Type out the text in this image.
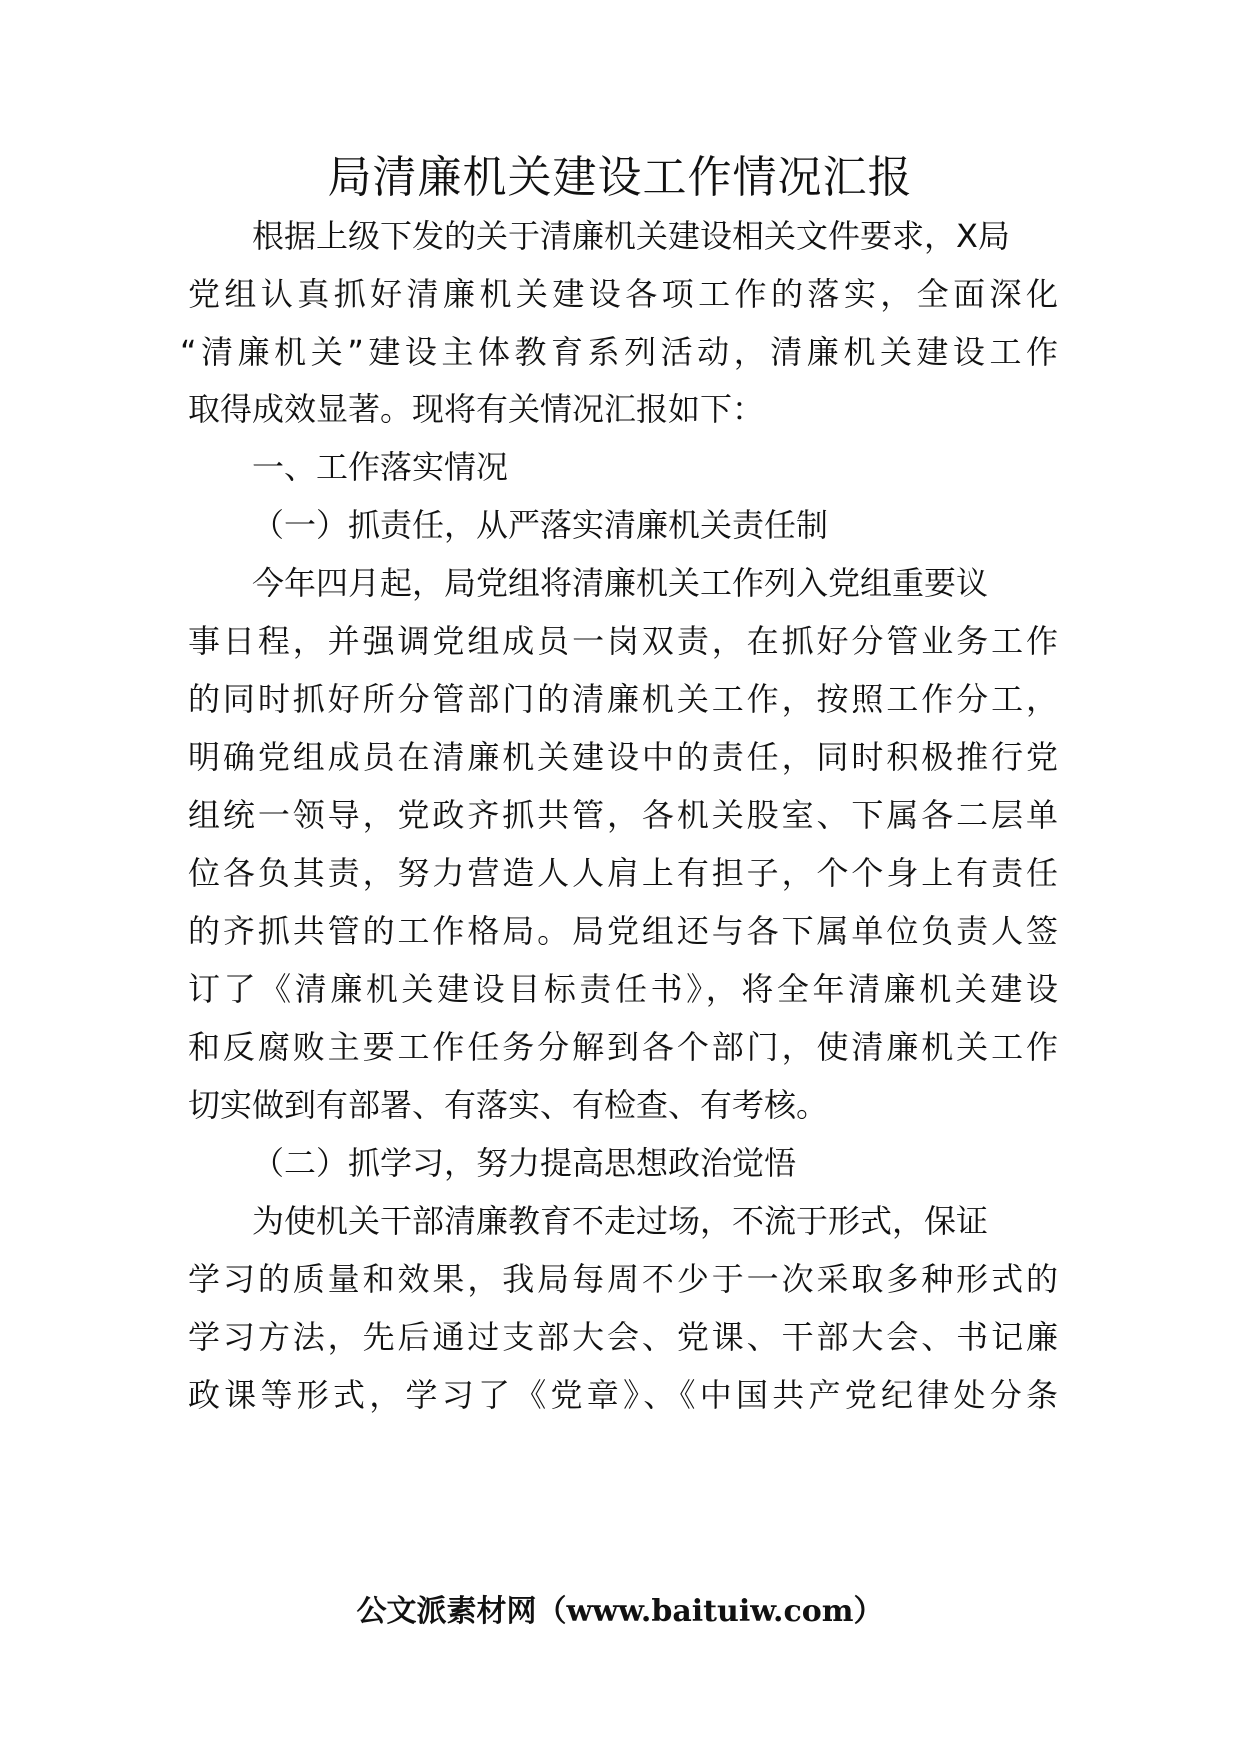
局清廉机关建设工作情况汇报
根据上级下发的关于清廉机关建设相关文件要求，X局
党组认真抓好清廉机关建设各项工作的落实，全面深化
“清廉机关”建设主体教育系列活动，清廉机关建设工作
取得成效显著。现将有关情况汇报如下：
一、工作落实情况
（一）抓责任，从严落实清廉机关责任制
今年四月起，局党组将清廉机关工作列入党组重要议
事日程，并强调党组成员一岗双责，在抓好分管业务工作
的同时抓好所分管部门的清廉机关工作，按照工作分工，
明确党组成员在清廉机关建设中的责任，同时积极推行党
组统一领导，党政齐抓共管，各机关股室、下属各二层单
位各负其责，努力营造人人肩上有担子，个个身上有责任
的齐抓共管的工作格局。局党组还与各下属单位负责人签
订了《清廉机关建设目标责任书》，将全年清廉机关建设
和反腐败主要工作任务分解到各个部门，使清廉机关工作
切实做到有部署、有落实、有检查、有考核。
（二）抓学习，努力提高思想政治觉悟
为使机关干部清廉教育不走过场，不流于形式，保证
学习的质量和效果，我局每周不少于一次采取多种形式的
学习方法，先后通过支部大会、党课、干部大会、书记廉
政课等形式，学习了《党章》、《中国共产党纪律处分条
公文派素材网（www.baituiw.com）
